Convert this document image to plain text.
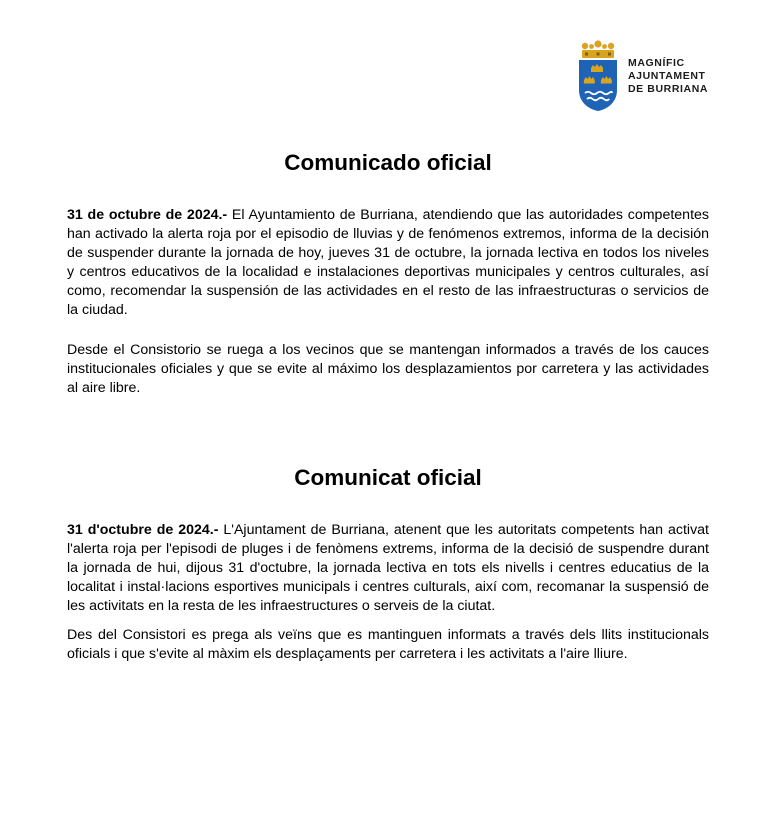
MAGNÍFIC
AJUNTAMENT
DE BURRIANA
Comunicado oficial

31 de octubre de 2024.- El Ayuntamiento de Burriana, atendiendo que las autoridades competentes han activado la alerta roja por el episodio de lluvias y de fenómenos extremos, informa de la decisión de suspender durante la jornada de hoy, jueves 31 de octubre, la jornada lectiva en todos los niveles y centros educativos de la localidad e instalaciones deportivas municipales y centros culturales, así como, recomendar la suspensión de las actividades en el resto de las infraestructuras o servicios de la ciudad.

Desde el Consistorio se ruega a los vecinos que se mantengan informados a través de los cauces institucionales oficiales y que se evite al máximo los desplazamientos por carretera y las actividades al aire libre.

Comunicat oficial

31 d'octubre de 2024.- L'Ajuntament de Burriana, atenent que les autoritats competents han activat l'alerta roja per l'episodi de pluges i de fenòmens extrems, informa de la decisió de suspendre durant la jornada de hui, dijous 31 d'octubre, la jornada lectiva en tots els nivells i centres educatius de la localitat i instal·lacions esportives municipals i centres culturals, així com, recomanar la suspensió de les activitats en la resta de les infraestructures o serveis de la ciutat.

Des del Consistori es prega als veïns que es mantinguen informats a través dels llits institucionals oficials i que s'evite al màxim els desplaçaments per carretera i les activitats a l'aire lliure.
